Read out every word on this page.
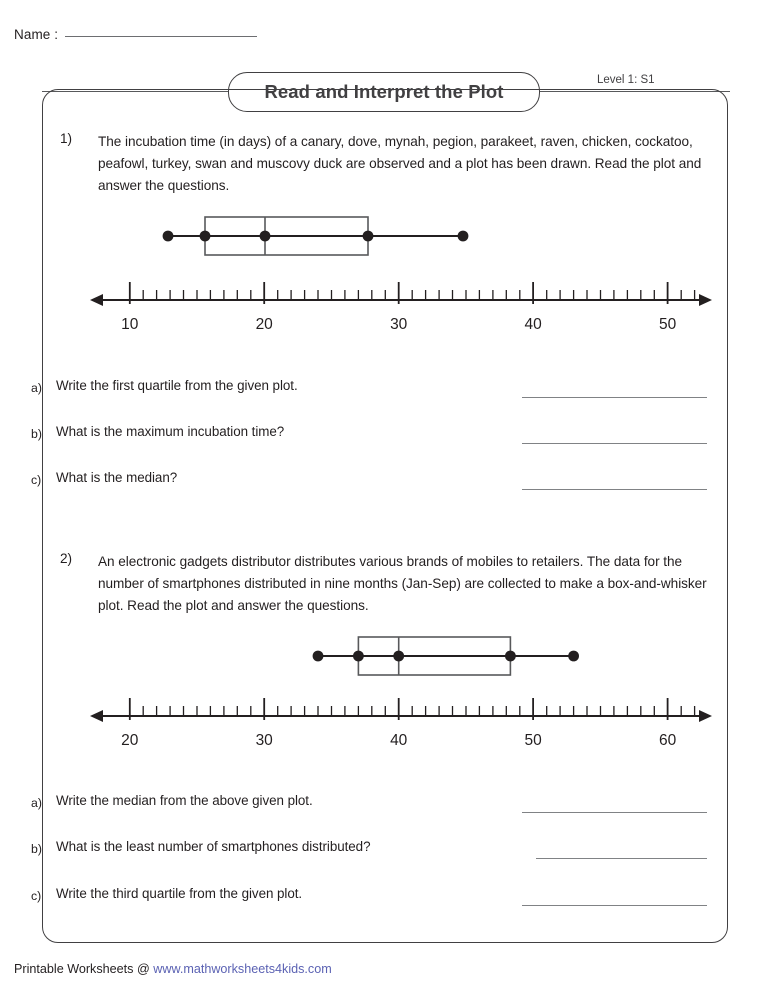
Name :
Read and Interpret the Plot
Level 1: S1
1) The incubation time (in days) of a canary, dove, mynah, pegion, parakeet, raven, chicken, cockatoo, peafowl, turkey, swan and muscovy duck are observed and a plot has been drawn. Read the plot and answer the questions.
10	20	30	40	50
a) Write the first quartile from the given plot.
b) What is the maximum incubation time?
c) What is the median?
2) An electronic gadgets distributor distributes various brands of mobiles to retailers. The data for the number of smartphones distributed in nine months (Jan-Sep) are collected to make a box-and-whisker plot. Read the plot and answer the questions.
20	30	40	50	60
a) Write the median from the above given plot.
b) What is the least number of smartphones distributed?
c) Write the third quartile from the given plot.
Printable Worksheets @ www.mathworksheets4kids.com
